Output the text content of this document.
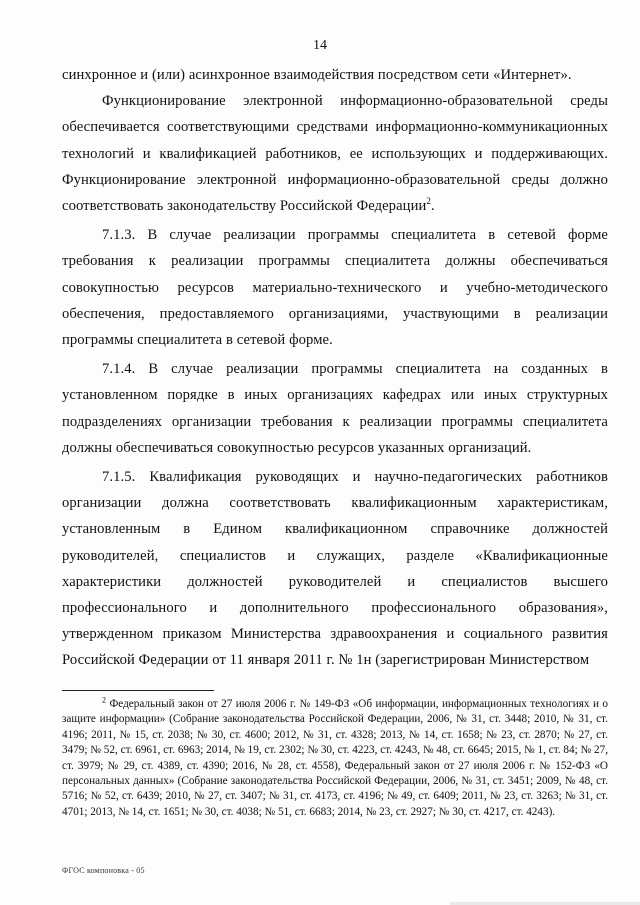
14

синхронное и (или) асинхронное взаимодействия посредством сети «Интернет».

Функционирование электронной информационно-образовательной среды обеспечивается соответствующими средствами информационно-коммуникационных технологий и квалификацией работников, ее использующих и поддерживающих. Функционирование электронной информационно-образовательной среды должно соответствовать законодательству Российской Федерации$^2$.

7.1.3. В случае реализации программы специалитета в сетевой форме требования к реализации программы специалитета должны обеспечиваться совокупностью ресурсов материально-технического и учебно-методического обеспечения, предоставляемого организациями, участвующими в реализации программы специалитета в сетевой форме.

7.1.4. В случае реализации программы специалитета на созданных в установленном порядке в иных организациях кафедрах или иных структурных подразделениях организации требования к реализации программы специалитета должны обеспечиваться совокупностью ресурсов указанных организаций.

7.1.5. Квалификация руководящих и научно-педагогических работников организации должна соответствовать квалификационным характеристикам, установленным в Едином квалификационном справочнике должностей руководителей, специалистов и служащих, разделе «Квалификационные характеристики должностей руководителей и специалистов высшего профессионального и дополнительного профессионального образования», утвержденном приказом Министерства здравоохранения и социального развития Российской Федерации от 11 января 2011 г. № 1н (зарегистрирован Министерством

$^2$ Федеральный закон от 27 июля 2006 г. № 149-ФЗ «Об информации, информационных технологиях и о защите информации» (Собрание законодательства Российской Федерации, 2006, № 31, ст. 3448; 2010, № 31, ст. 4196; 2011, № 15, ст. 2038; № 30, ст. 4600; 2012, № 31, ст. 4328; 2013, № 14, ст. 1658; № 23, ст. 2870; № 27, ст. 3479; № 52, ст. 6961, ст. 6963; 2014, № 19, ст. 2302; № 30, ст. 4223, ст. 4243, № 48, ст. 6645; 2015, № 1, ст. 84; № 27, ст. 3979; № 29, ст. 4389, ст. 4390; 2016, № 28, ст. 4558), Федеральный закон от 27 июля 2006 г. № 152-ФЗ «О персональных данных» (Собрание законодательства Российской Федерации, 2006, № 31, ст. 3451; 2009, № 48, ст. 5716; № 52, ст. 6439; 2010, № 27, ст. 3407; № 31, ст. 4173, ст. 4196; № 49, ст. 6409; 2011, № 23, ст. 3263; № 31, ст. 4701; 2013, № 14, ст. 1651; № 30, ст. 4038; № 51, ст. 6683; 2014, № 23, ст. 2927; № 30, ст. 4217, ст. 4243).
ФГОС компоновка - 05
